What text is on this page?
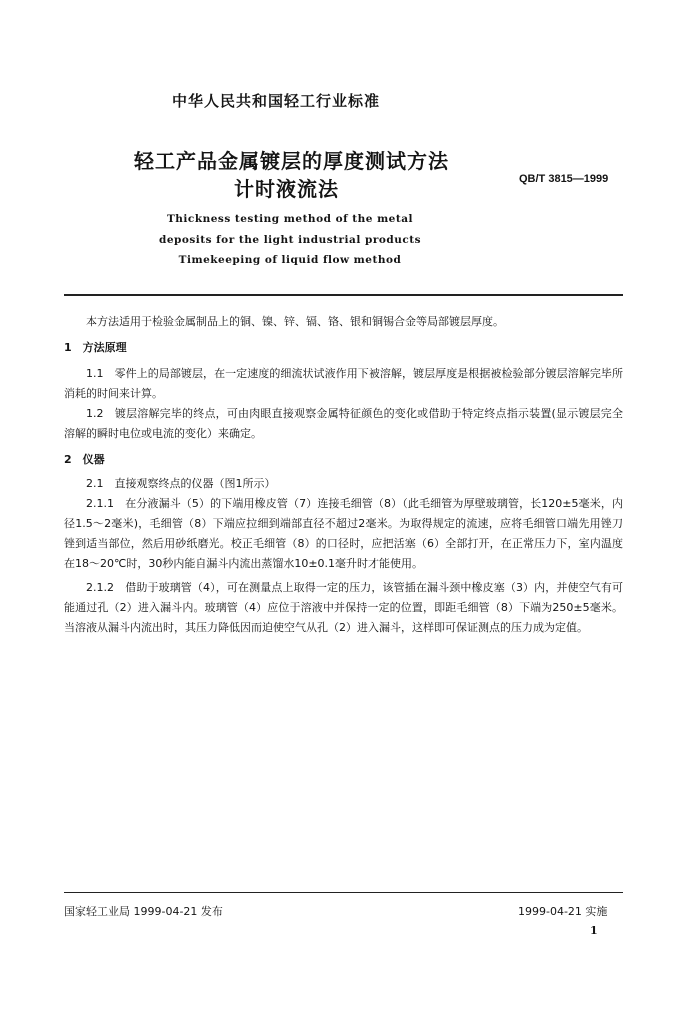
中华人民共和国轻工行业标准
轻工产品金属镀层的厚度测试方法
计时液流法	QB/T 3815—1999
Thickness testing method of the metal
deposits for the light industrial products
Timekeeping of liquid flow method

本方法适用于检验金属制品上的铜、镍、锌、镉、铬、银和铜锡合金等局部镀层厚度。

1　方法原理

1.1　零件上的局部镀层，在一定速度的细流状试液作用下被溶解，镀层厚度是根据被检验部分镀层溶解完毕所消耗的时间来计算。

1.2　镀层溶解完毕的终点，可由肉眼直接观察金属特征颜色的变化或借助于特定终点指示装置(显示镀层完全溶解的瞬时电位或电流的变化）来确定。

2　仪器

2.1　直接观察终点的仪器（图1所示）

2.1.1　在分液漏斗（5）的下端用橡皮管（7）连接毛细管（8）（此毛细管为厚壁玻璃管，长120±5毫米，内径1.5～2毫米)，毛细管（8）下端应拉细到端部直径不超过2毫米。为取得规定的流速，应将毛细管口端先用锉刀锉到适当部位，然后用砂纸磨光。校正毛细管（8）的口径时，应把活塞（6）全部打开，在正常压力下，室内温度在18～20℃时，30秒内能自漏斗内流出蒸馏水10±0.1毫升时才能使用。

2.1.2　借助于玻璃管（4），可在测量点上取得一定的压力，该管插在漏斗颈中橡皮塞（3）内，并使空气有可能通过孔（2）进入漏斗内。玻璃管（4）应位于溶液中并保持一定的位置，即距毛细管（8）下端为250±5毫米。当溶液从漏斗内流出时，其压力降低因而迫使空气从孔（2）进入漏斗，这样即可保证测点的压力成为定值。

国家轻工业局 1999-04-21 发布	1999-04-21 实施
1
